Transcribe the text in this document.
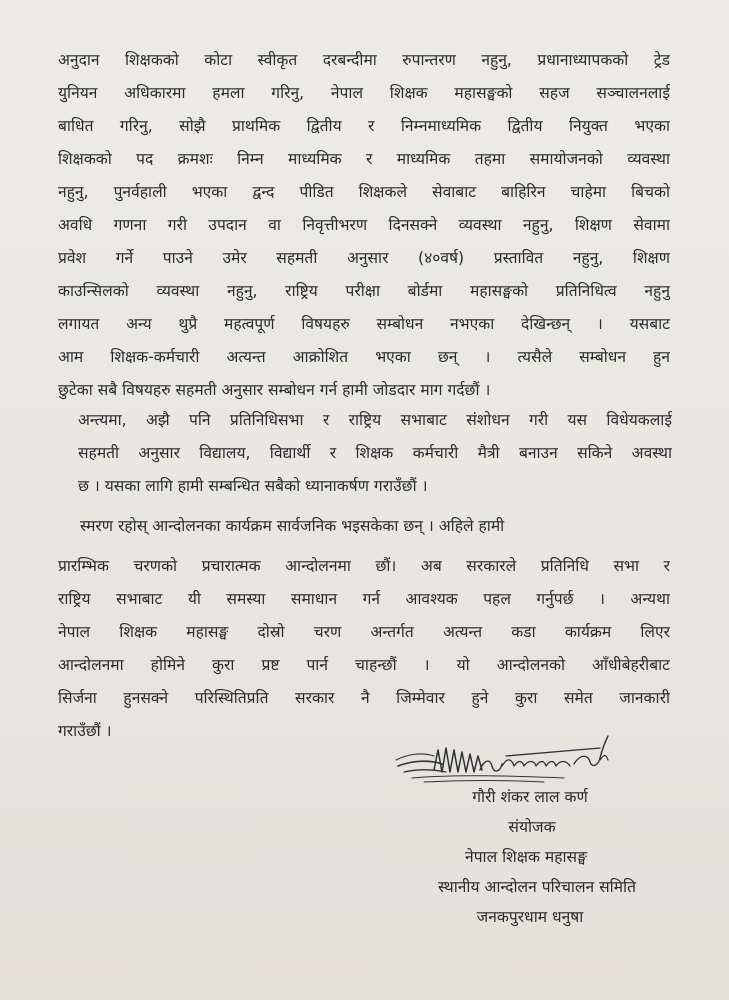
अनुदान शिक्षकको कोटा स्वीकृत दरबन्दीमा रुपान्तरण नहुनु, प्रधानाध्यापकको ट्रेड
युनियन अधिकारमा हमला गरिनु, नेपाल शिक्षक महासङ्घको सहज सञ्चालनलाई
बाधित गरिनु, सोझै प्राथमिक द्वितीय र निम्नमाध्यमिक द्वितीय नियुक्त भएका
शिक्षकको पद क्रमशः निम्न माध्यमिक र माध्यमिक तहमा समायोजनको व्यवस्था
नहुनु, पुनर्वहाली भएका द्वन्द पीडित शिक्षकले सेवाबाट बाहिरिन चाहेमा बिचको
अवधि गणना गरी उपदान वा निवृत्तीभरण दिनसक्ने व्यवस्था नहुनु, शिक्षण सेवामा
प्रवेश गर्ने पाउने उमेर सहमती अनुसार (४०वर्ष) प्रस्तावित नहुनु, शिक्षण
काउन्सिलको व्यवस्था नहुनु, राष्ट्रिय परीक्षा बोर्डमा महासङ्घको प्रतिनिधित्व नहुनु
लगायत अन्य थुप्रै महत्वपूर्ण विषयहरु सम्बोधन नभएका देखिन्छन् । यसबाट
आम शिक्षक-कर्मचारी अत्यन्त आक्रोशित भएका छन् । त्यसैले सम्बोधन हुन
छुटेका सबै विषयहरु सहमती अनुसार सम्बोधन गर्न हामी जोडदार माग गर्दछौं ।
अन्त्यमा, अझै पनि प्रतिनिधिसभा र राष्ट्रिय सभाबाट संशोधन गरी यस विधेयकलाई
सहमती अनुसार विद्यालय, विद्यार्थी र शिक्षक कर्मचारी मैत्री बनाउन सकिने अवस्था
छ । यसका लागि हामी सम्बन्धित सबैको ध्यानाकर्षण गराउँछौं ।
स्मरण रहोस् आन्दोलनका कार्यक्रम सार्वजनिक भइसकेका छन् । अहिले हामी
प्रारम्भिक चरणको प्रचारात्मक आन्दोलनमा छौं। अब सरकारले प्रतिनिधि सभा र
राष्ट्रिय सभाबाट यी समस्या समाधान गर्न आवश्यक पहल गर्नुपर्छ । अन्यथा
नेपाल शिक्षक महासङ्घ दोस्रो चरण अन्तर्गत अत्यन्त कडा कार्यक्रम लिएर
आन्दोलनमा होमिने कुरा प्रष्ट पार्न चाहन्छौं । यो आन्दोलनको आँधीबेहरीबाट
सिर्जना हुनसक्ने परिस्थितिप्रति सरकार नै जिम्मेवार हुने कुरा समेत जानकारी
गराउँछौं ।
गौरी शंकर लाल कर्ण
संयोजक
नेपाल शिक्षक महासङ्घ
स्थानीय आन्दोलन परिचालन समिति
जनकपुरधाम धनुषा
